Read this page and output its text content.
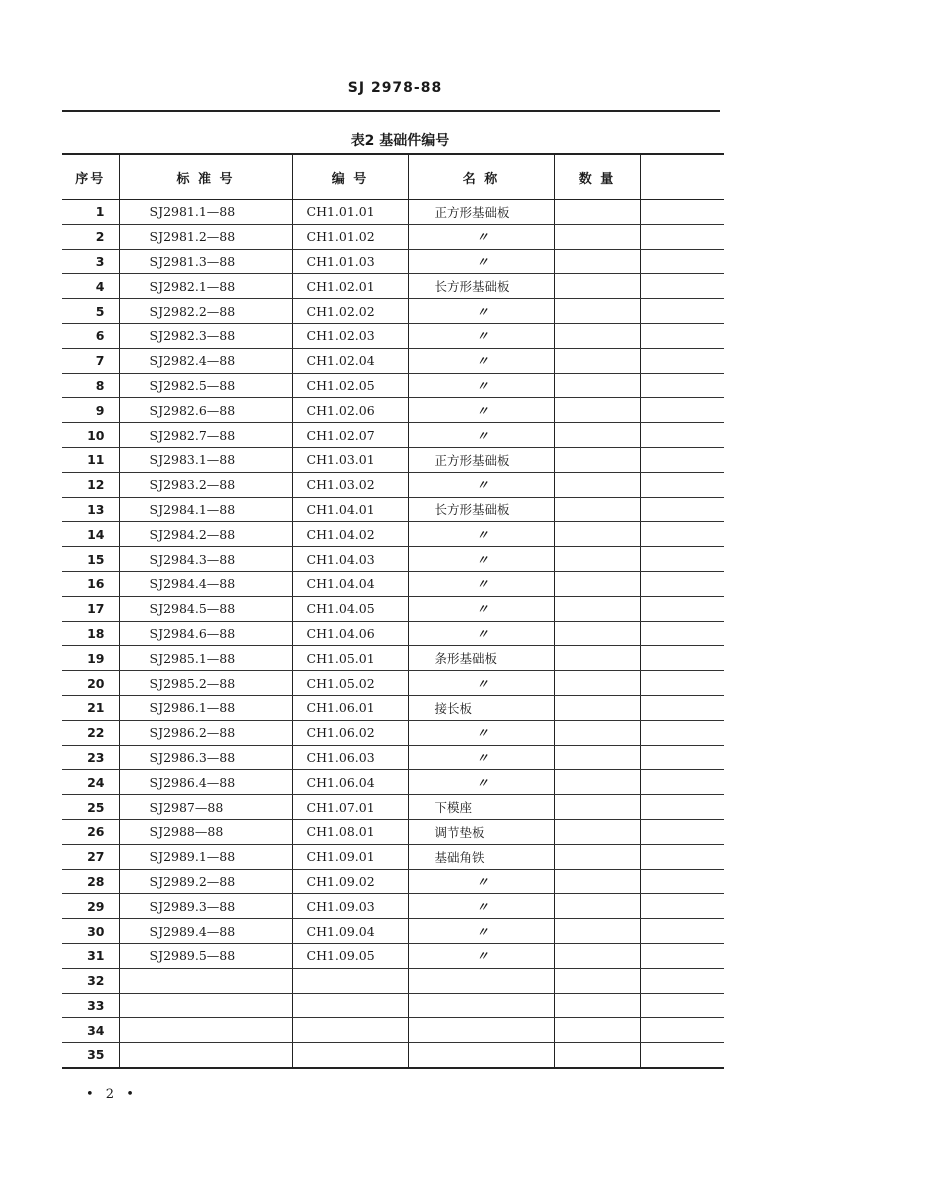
SJ 2978-88
表2 基础件编号
序号	标 准 号	编 号	名 称	数 量	
1	SJ2981.1—88	CH1.01.01	正方形基础板		
2	SJ2981.2—88	CH1.01.02	〃		
3	SJ2981.3—88	CH1.01.03	〃		
4	SJ2982.1—88	CH1.02.01	长方形基础板		
5	SJ2982.2—88	CH1.02.02	〃		
6	SJ2982.3—88	CH1.02.03	〃		
7	SJ2982.4—88	CH1.02.04	〃		
8	SJ2982.5—88	CH1.02.05	〃		
9	SJ2982.6—88	CH1.02.06	〃		
10	SJ2982.7—88	CH1.02.07	〃		
11	SJ2983.1—88	CH1.03.01	正方形基础板		
12	SJ2983.2—88	CH1.03.02	〃		
13	SJ2984.1—88	CH1.04.01	长方形基础板		
14	SJ2984.2—88	CH1.04.02	〃		
15	SJ2984.3—88	CH1.04.03	〃		
16	SJ2984.4—88	CH1.04.04	〃		
17	SJ2984.5—88	CH1.04.05	〃		
18	SJ2984.6—88	CH1.04.06	〃		
19	SJ2985.1—88	CH1.05.01	条形基础板		
20	SJ2985.2—88	CH1.05.02	〃		
21	SJ2986.1—88	CH1.06.01	接长板		
22	SJ2986.2—88	CH1.06.02	〃		
23	SJ2986.3—88	CH1.06.03	〃		
24	SJ2986.4—88	CH1.06.04	〃		
25	SJ2987—88	CH1.07.01	下模座		
26	SJ2988—88	CH1.08.01	调节垫板		
27	SJ2989.1—88	CH1.09.01	基础角铁		
28	SJ2989.2—88	CH1.09.02	〃		
29	SJ2989.3—88	CH1.09.03	〃		
30	SJ2989.4—88	CH1.09.04	〃		
31	SJ2989.5—88	CH1.09.05	〃		
32					
33					
34					
35					
• 2 •
